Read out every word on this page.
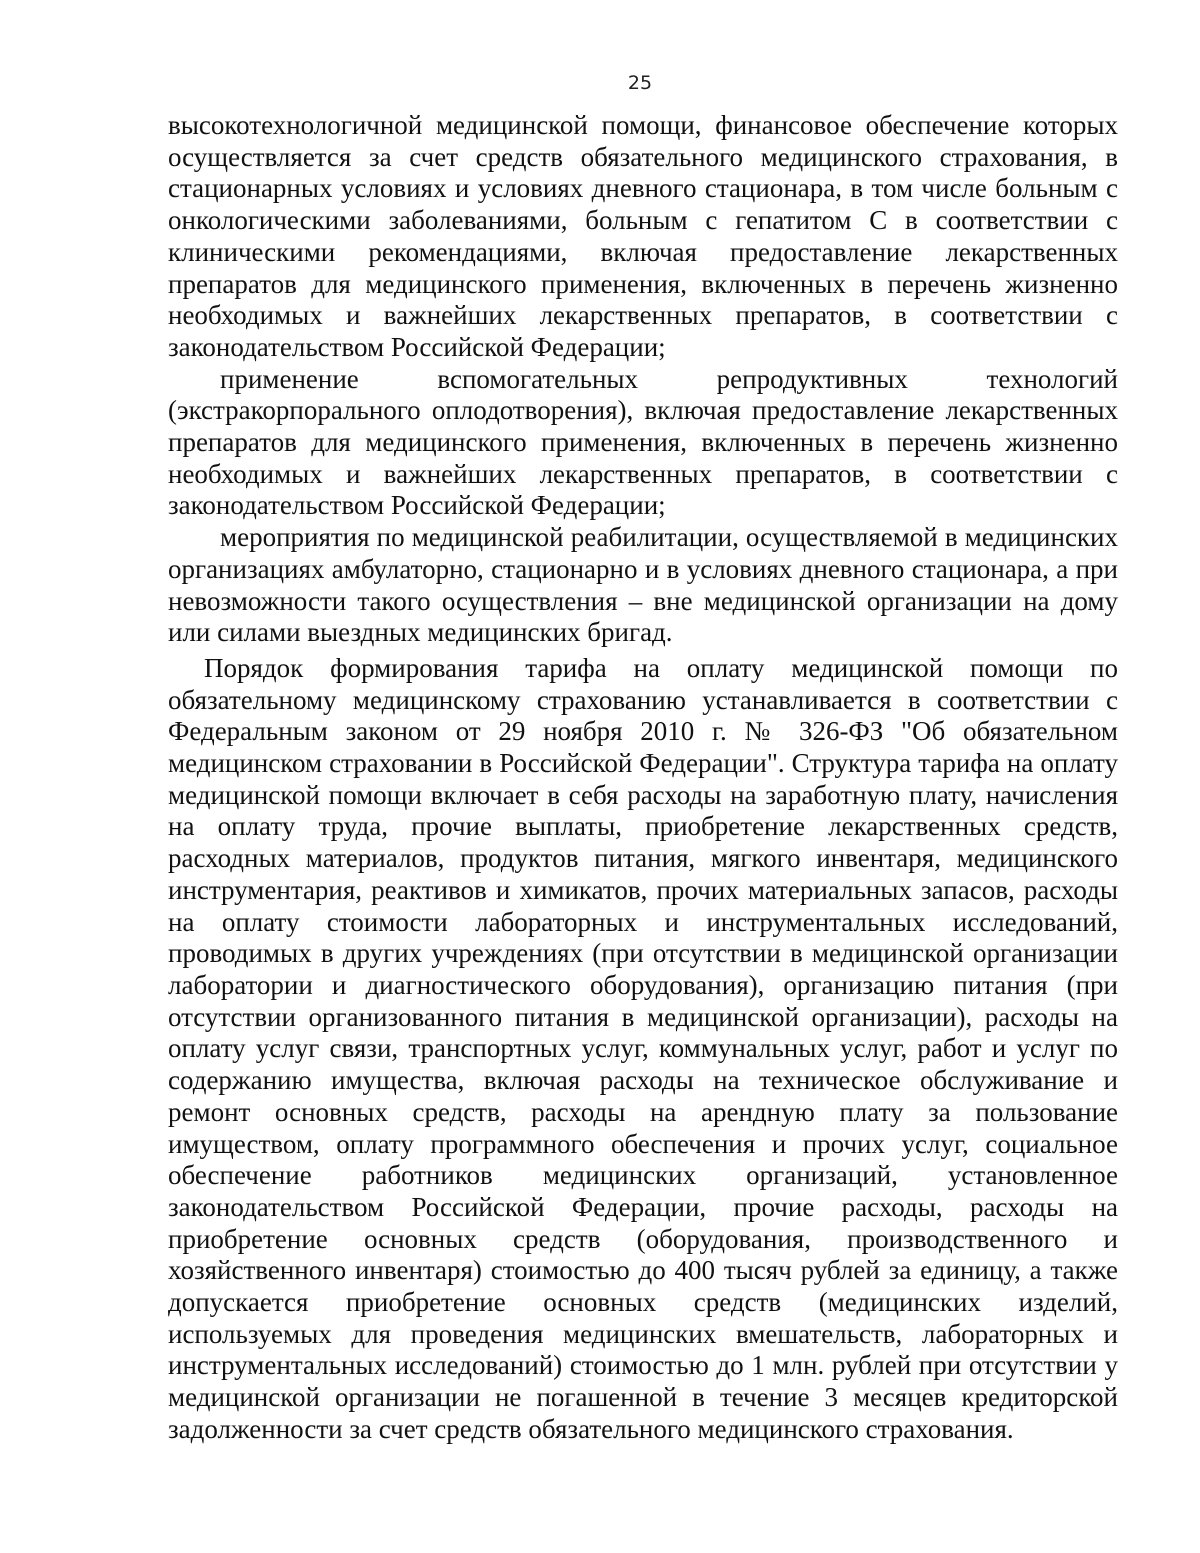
25

высокотехнологичной медицинской помощи, финансовое обеспечение которых осуществляется за счет средств обязательного медицинского страхования, в стационарных условиях и условиях дневного стационара, в том числе больным с онкологическими заболеваниями, больным с гепатитом С в соответствии с клиническими рекомендациями, включая предоставление лекарственных препаратов для медицинского применения, включенных в перечень жизненно необходимых и важнейших лекарственных препаратов, в соответствии с законодательством Российской Федерации;

применение вспомогательных репродуктивных технологий (экстракорпорального оплодотворения), включая предоставление лекарственных препаратов для медицинского применения, включенных в перечень жизненно необходимых и важнейших лекарственных препаратов, в соответствии с законодательством Российской Федерации;

мероприятия по медицинской реабилитации, осуществляемой в медицинских организациях амбулаторно, стационарно и в условиях дневного стационара, а при невозможности такого осуществления – вне медицинской организации на дому или силами выездных медицинских бригад.

Порядок формирования тарифа на оплату медицинской помощи по обязательному медицинскому страхованию устанавливается в соответствии с Федеральным законом от 29 ноября 2010 г. № 326-ФЗ "Об обязательном медицинском страховании в Российской Федерации". Структура тарифа на оплату медицинской помощи включает в себя расходы на заработную плату, начисления на оплату труда, прочие выплаты, приобретение лекарственных средств, расходных материалов, продуктов питания, мягкого инвентаря, медицинского инструментария, реактивов и химикатов, прочих материальных запасов, расходы на оплату стоимости лабораторных и инструментальных исследований, проводимых в других учреждениях (при отсутствии в медицинской организации лаборатории и диагностического оборудования), организацию питания (при отсутствии организованного питания в медицинской организации), расходы на оплату услуг связи, транспортных услуг, коммунальных услуг, работ и услуг по содержанию имущества, включая расходы на техническое обслуживание и ремонт основных средств, расходы на арендную плату за пользование имуществом, оплату программного обеспечения и прочих услуг, социальное обеспечение работников медицинских организаций, установленное законодательством Российской Федерации, прочие расходы, расходы на приобретение основных средств (оборудования, производственного и хозяйственного инвентаря) стоимостью до 400 тысяч рублей за единицу, а также допускается приобретение основных средств (медицинских изделий, используемых для проведения медицинских вмешательств, лабораторных и инструментальных исследований) стоимостью до 1 млн. рублей при отсутствии у медицинской организации не погашенной в течение 3 месяцев кредиторской задолженности за счет средств обязательного медицинского страхования.
